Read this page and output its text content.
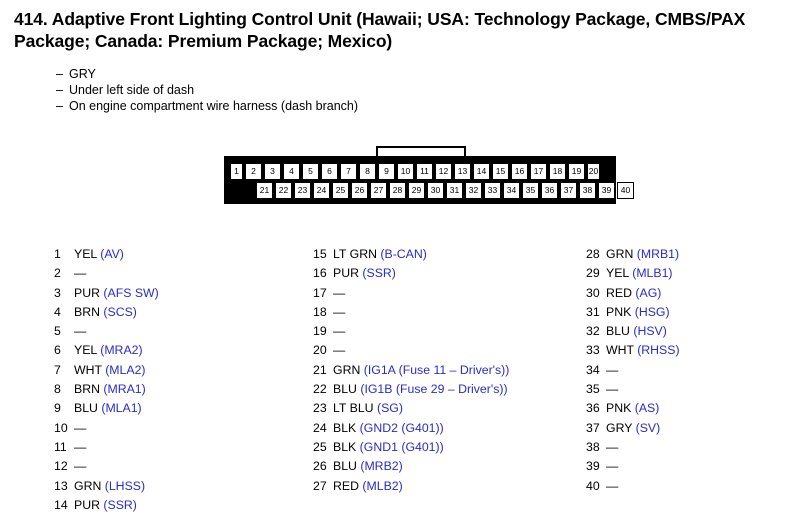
414. Adaptive Front Lighting Control Unit (Hawaii; USA: Technology Package, CMBS/PAX Package; Canada: Premium Package; Mexico)
– GRY
– Under left side of dash
– On engine compartment wire harness (dash branch)
1	2	3	4	5	6	7	8	9	10	11	12	13	14	15	16	17	18	19 20
21	22	23	24	25	26	27	28	29	30	31	32	33	34	35	36	37	38	39	40
1 YEL (AV)
2 —
3 PUR (AFS SW)
4 BRN (SCS)
5 —
6 YEL (MRA2)
7 WHT (MLA2)
8 BRN (MRA1)
9 BLU (MLA1)
10 —
11 —
12 —
13 GRN (LHSS)
14 PUR (SSR)
15 LT GRN (B-CAN)
16 PUR (SSR)
17 —
18 —
19 —
20 —
21 GRN (IG1A (Fuse 11 – Driver's))
22 BLU (IG1B (Fuse 29 – Driver's))
23 LT BLU (SG)
24 BLK (GND2 (G401))
25 BLK (GND1 (G401))
26 BLU (MRB2)
27 RED (MLB2)
28 GRN (MRB1)
29 YEL (MLB1)
30 RED (AG)
31 PNK (HSG)
32 BLU (HSV)
33 WHT (RHSS)
34 —
35 —
36 PNK (AS)
37 GRY (SV)
38 —
39 —
40 —
